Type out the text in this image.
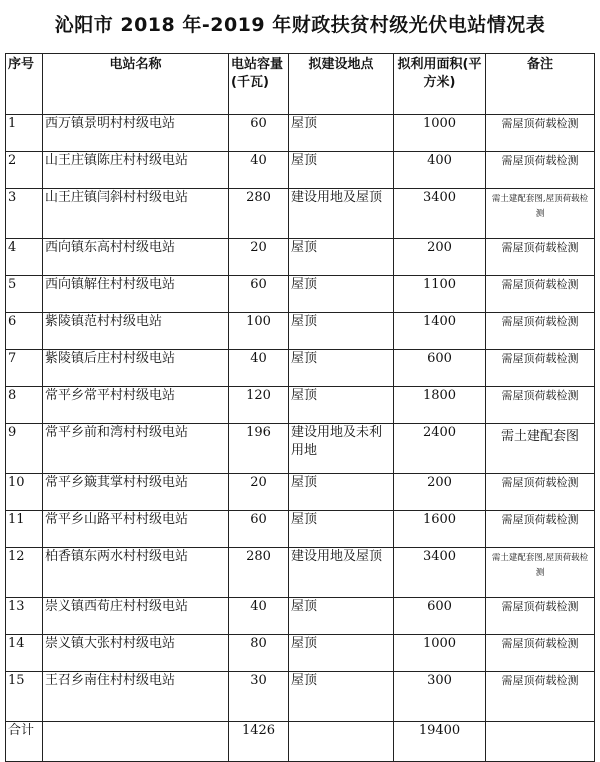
沁阳市 2018 年-2019 年财政扶贫村级光伏电站情况表
序号	电站名称	电站容量(千瓦)	拟建设地点	拟利用面积(平方米)	备注
1	西万镇景明村村级电站	60	屋顶	1000	需屋顶荷载检测
2	山王庄镇陈庄村村级电站	40	屋顶	400	需屋顶荷载检测
3	山王庄镇闫斜村村级电站	280	建设用地及屋顶	3400	需土建配套图,屋顶荷载检测
4	西向镇东高村村级电站	20	屋顶	200	需屋顶荷载检测
5	西向镇解住村村级电站	60	屋顶	1100	需屋顶荷载检测
6	紫陵镇范村村级电站	100	屋顶	1400	需屋顶荷载检测
7	紫陵镇后庄村村级电站	40	屋顶	600	需屋顶荷载检测
8	常平乡常平村村级电站	120	屋顶	1800	需屋顶荷载检测
9	常平乡前和湾村村级电站	196	建设用地及未利用地	2400	需土建配套图
10	常平乡簸萁掌村村级电站	20	屋顶	200	需屋顶荷载检测
11	常平乡山路平村村级电站	60	屋顶	1600	需屋顶荷载检测
12	柏香镇东两水村村级电站	280	建设用地及屋顶	3400	需土建配套图,屋顶荷载检测
13	崇义镇西荀庄村村级电站	40	屋顶	600	需屋顶荷载检测
14	崇义镇大张村村级电站	80	屋顶	1000	需屋顶荷载检测
15	王召乡南住村村级电站	30	屋顶	300	需屋顶荷载检测
合计		1426		19400	
